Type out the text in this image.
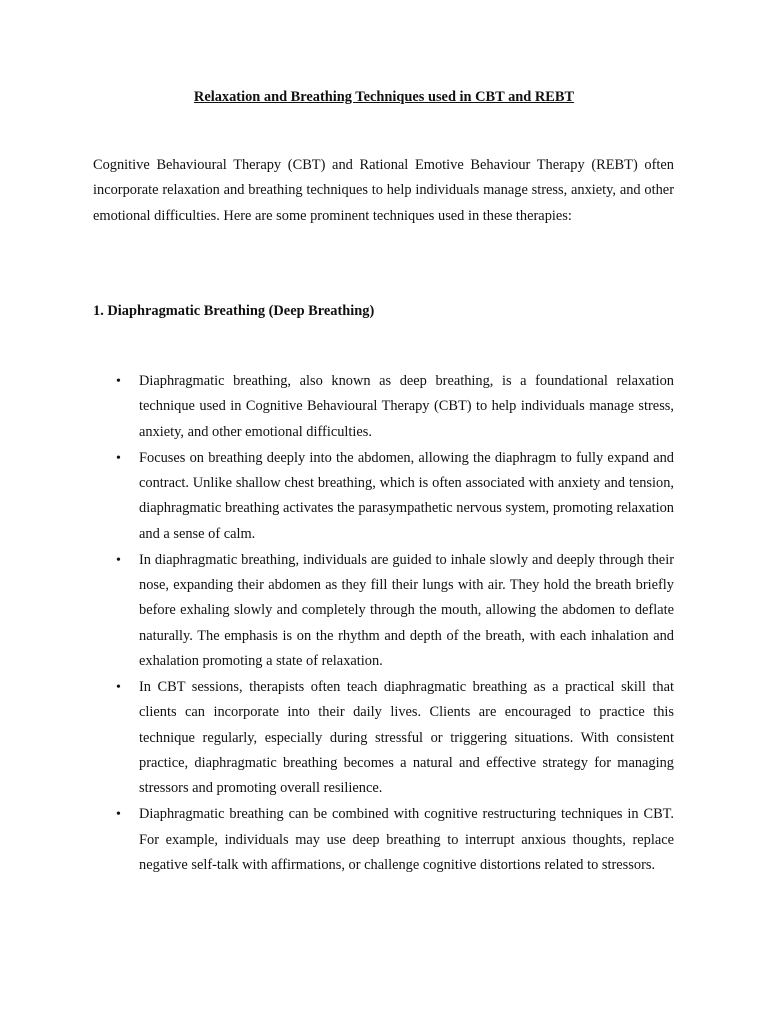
Relaxation and Breathing Techniques used in CBT and REBT

Cognitive Behavioural Therapy (CBT) and Rational Emotive Behaviour Therapy (REBT) often incorporate relaxation and breathing techniques to help individuals manage stress, anxiety, and other emotional difficulties. Here are some prominent techniques used in these therapies:

1. Diaphragmatic Breathing (Deep Breathing)
• Diaphragmatic breathing, also known as deep breathing, is a foundational relaxation technique used in Cognitive Behavioural Therapy (CBT) to help individuals manage stress, anxiety, and other emotional difficulties.
• Focuses on breathing deeply into the abdomen, allowing the diaphragm to fully expand and contract. Unlike shallow chest breathing, which is often associated with anxiety and tension, diaphragmatic breathing activates the parasympathetic nervous system, promoting relaxation and a sense of calm.
• In diaphragmatic breathing, individuals are guided to inhale slowly and deeply through their nose, expanding their abdomen as they fill their lungs with air. They hold the breath briefly before exhaling slowly and completely through the mouth, allowing the abdomen to deflate naturally. The emphasis is on the rhythm and depth of the breath, with each inhalation and exhalation promoting a state of relaxation.
• In CBT sessions, therapists often teach diaphragmatic breathing as a practical skill that clients can incorporate into their daily lives. Clients are encouraged to practice this technique regularly, especially during stressful or triggering situations. With consistent practice, diaphragmatic breathing becomes a natural and effective strategy for managing stressors and promoting overall resilience.
• Diaphragmatic breathing can be combined with cognitive restructuring techniques in CBT. For example, individuals may use deep breathing to interrupt anxious thoughts, replace negative self-talk with affirmations, or challenge cognitive distortions related to stressors.
